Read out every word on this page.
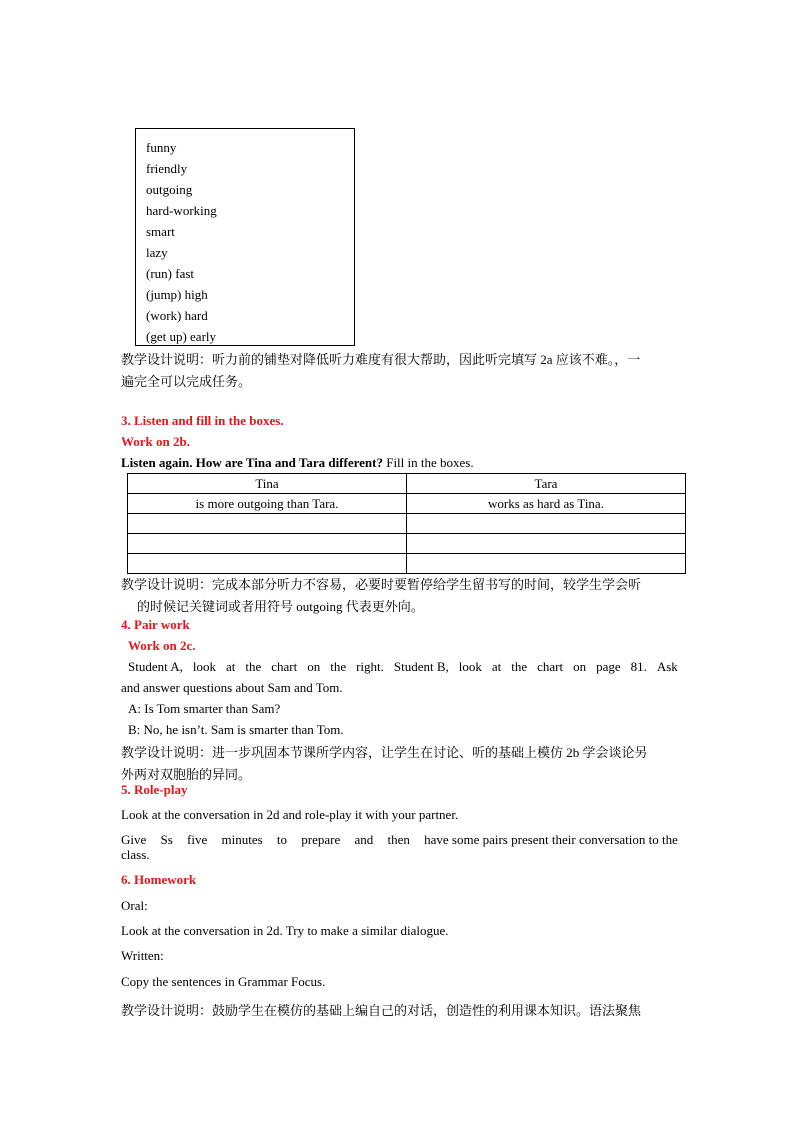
funny
friendly
outgoing
hard-working
smart
lazy
(run) fast
(jump) high
(work) hard
(get up) early
教学设计说明：听力前的铺垫对降低听力难度有很大帮助，因此听完填写 2a 应该不难。，一
遍完全可以完成任务。
3. Listen and fill in the boxes.
Work on 2b.
Listen again. How are Tina and Tara different? Fill in the boxes.
Tina	Tara
is more outgoing than Tara.	works as hard as Tina.

教学设计说明：完成本部分听力不容易，必要时要暂停给学生留书写的时间，较学生学会听
的时候记关键词或者用符号 outgoing 代表更外向。
4. Pair work
Work on 2c.
Student A, look at the chart on the right. Student B, look at the chart on page 81. Ask
and answer questions about Sam and Tom.
A: Is Tom smarter than Sam?
B: No, he isn’t. Sam is smarter than Tom.
教学设计说明：进一步巩固本节课所学内容，让学生在讨论、听的基础上模仿 2b 学会谈论另
外两对双胞胎的异同。
5. Role-play
Look at the conversation in 2d and role-play it with your partner.
Give Ss five minutes to prepare and then have some pairs present their conversation to the
class.
6. Homework
Oral:
Look at the conversation in 2d. Try to make a similar dialogue.
Written:
Copy the sentences in Grammar Focus.
教学设计说明：鼓励学生在模仿的基础上编自己的对话，创造性的利用课本知识。语法聚焦
